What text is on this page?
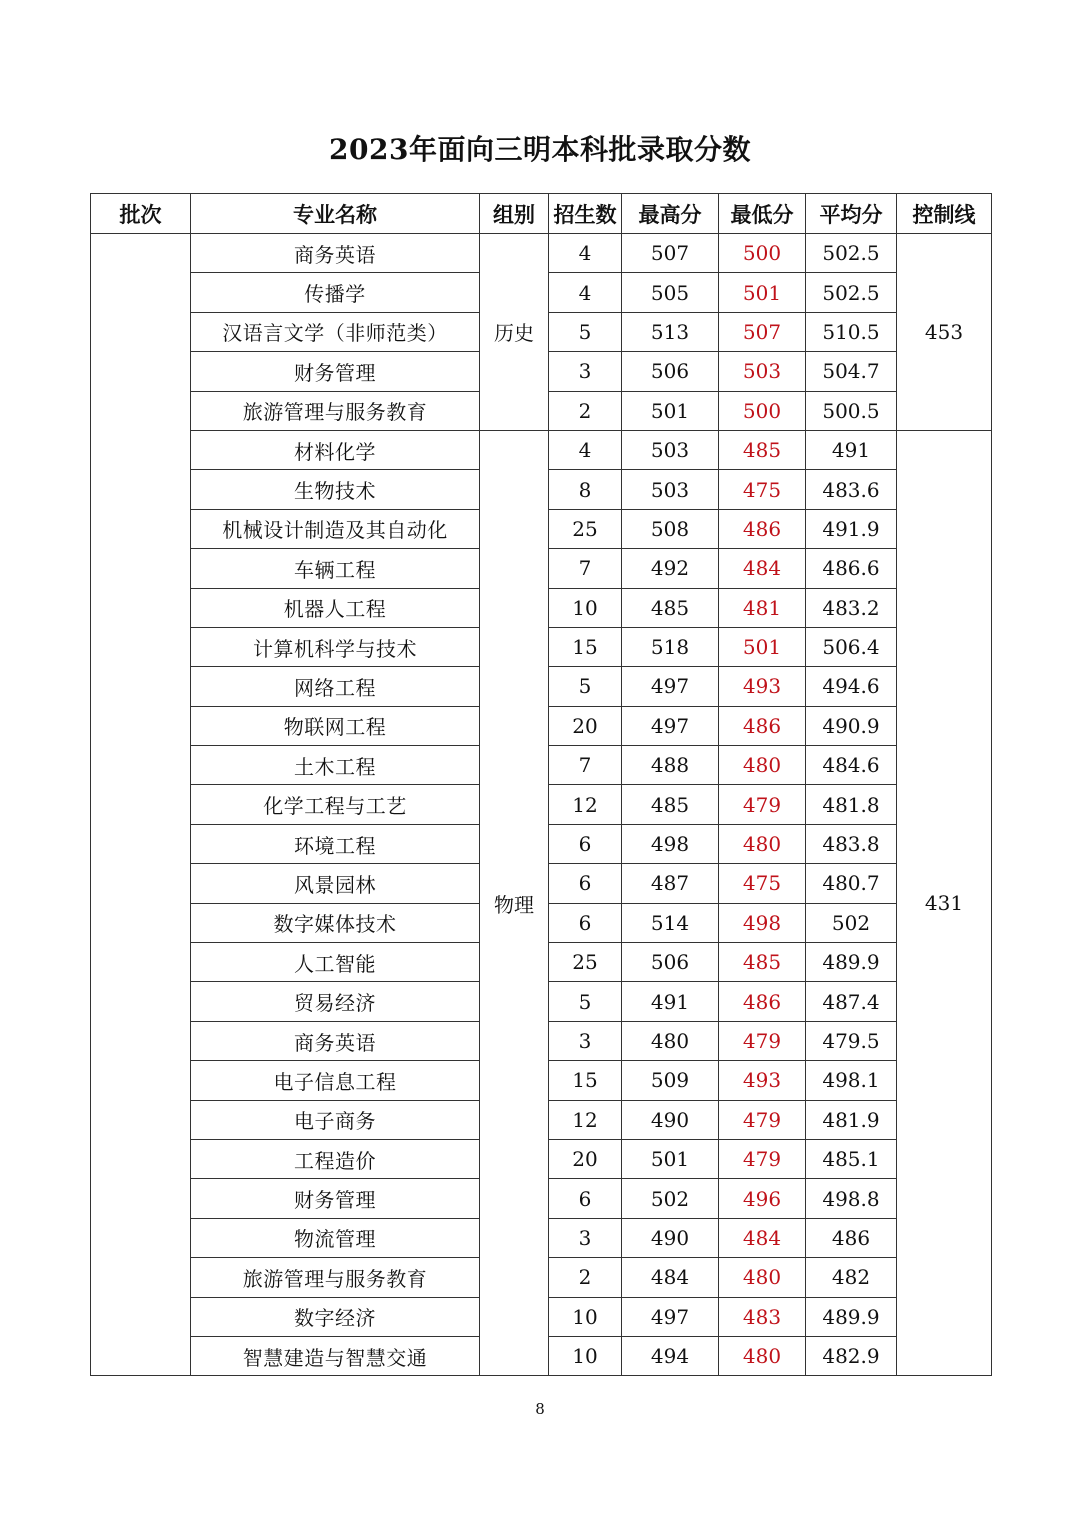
2023年面向三明本科批录取分数
批次	专业名称	组别	招生数	最高分	最低分	平均分	控制线
	商务英语	历史	4	507	500	502.5	453
	传播学		4	505	501	502.5	
	汉语言文学（非师范类）		5	513	507	510.5	
	财务管理		3	506	503	504.7	
	旅游管理与服务教育		2	501	500	500.5	
	材料化学	物理	4	503	485	491	431
	生物技术		8	503	475	483.6	
	机械设计制造及其自动化		25	508	486	491.9	
	车辆工程		7	492	484	486.6	
	机器人工程		10	485	481	483.2	
	计算机科学与技术		15	518	501	506.4	
	网络工程		5	497	493	494.6	
	物联网工程		20	497	486	490.9	
	土木工程		7	488	480	484.6	
	化学工程与工艺		12	485	479	481.8	
	环境工程		6	498	480	483.8	
	风景园林		6	487	475	480.7	
	数字媒体技术		6	514	498	502	
	人工智能		25	506	485	489.9	
	贸易经济		5	491	486	487.4	
	商务英语		3	480	479	479.5	
	电子信息工程		15	509	493	498.1	
	电子商务		12	490	479	481.9	
	工程造价		20	501	479	485.1	
	财务管理		6	502	496	498.8	
	物流管理		3	490	484	486	
	旅游管理与服务教育		2	484	480	482	
	数字经济		10	497	483	489.9	
	智慧建造与智慧交通		10	494	480	482.9	
8
